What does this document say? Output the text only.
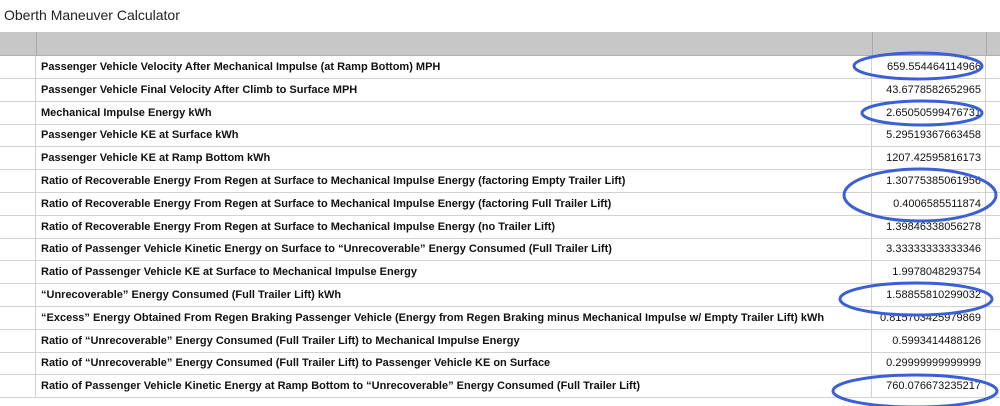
Oberth Maneuver Calculator
Passenger Vehicle Velocity After Mechanical Impulse (at Ramp Bottom) MPH	659.554464114966
Passenger Vehicle Final Velocity After Climb to Surface MPH	43.6778582652965
Mechanical Impulse Energy kWh	2.65050599476731
Passenger Vehicle KE at Surface kWh	5.29519367663458
Passenger Vehicle KE at Ramp Bottom kWh	1207.42595816173
Ratio of Recoverable Energy From Regen at Surface to Mechanical Impulse Energy (factoring Empty Trailer Lift)	1.30775385061956
Ratio of Recoverable Energy From Regen at Surface to Mechanical Impulse Energy (factoring Full Trailer Lift)	0.4006585511874
Ratio of Recoverable Energy From Regen at Surface to Mechanical Impulse Energy (no Trailer Lift)	1.39846338056278
Ratio of Passenger Vehicle Kinetic Energy on Surface to “Unrecoverable” Energy Consumed (Full Trailer Lift)	3.33333333333346
Ratio of Passenger Vehicle KE at Surface to Mechanical Impulse Energy	1.9978048293754
“Unrecoverable” Energy Consumed (Full Trailer Lift) kWh	1.58855810299032
“Excess” Energy Obtained From Regen Braking Passenger Vehicle (Energy from Regen Braking minus Mechanical Impulse w/ Empty Trailer Lift) kWh	0.815703425979869
Ratio of “Unrecoverable” Energy Consumed (Full Trailer Lift) to Mechanical Impulse Energy	0.5993414488126
Ratio of “Unrecoverable” Energy Consumed (Full Trailer Lift) to Passenger Vehicle KE on Surface	0.29999999999999
Ratio of Passenger Vehicle Kinetic Energy at Ramp Bottom to “Unrecoverable” Energy Consumed (Full Trailer Lift)	760.076673235217
